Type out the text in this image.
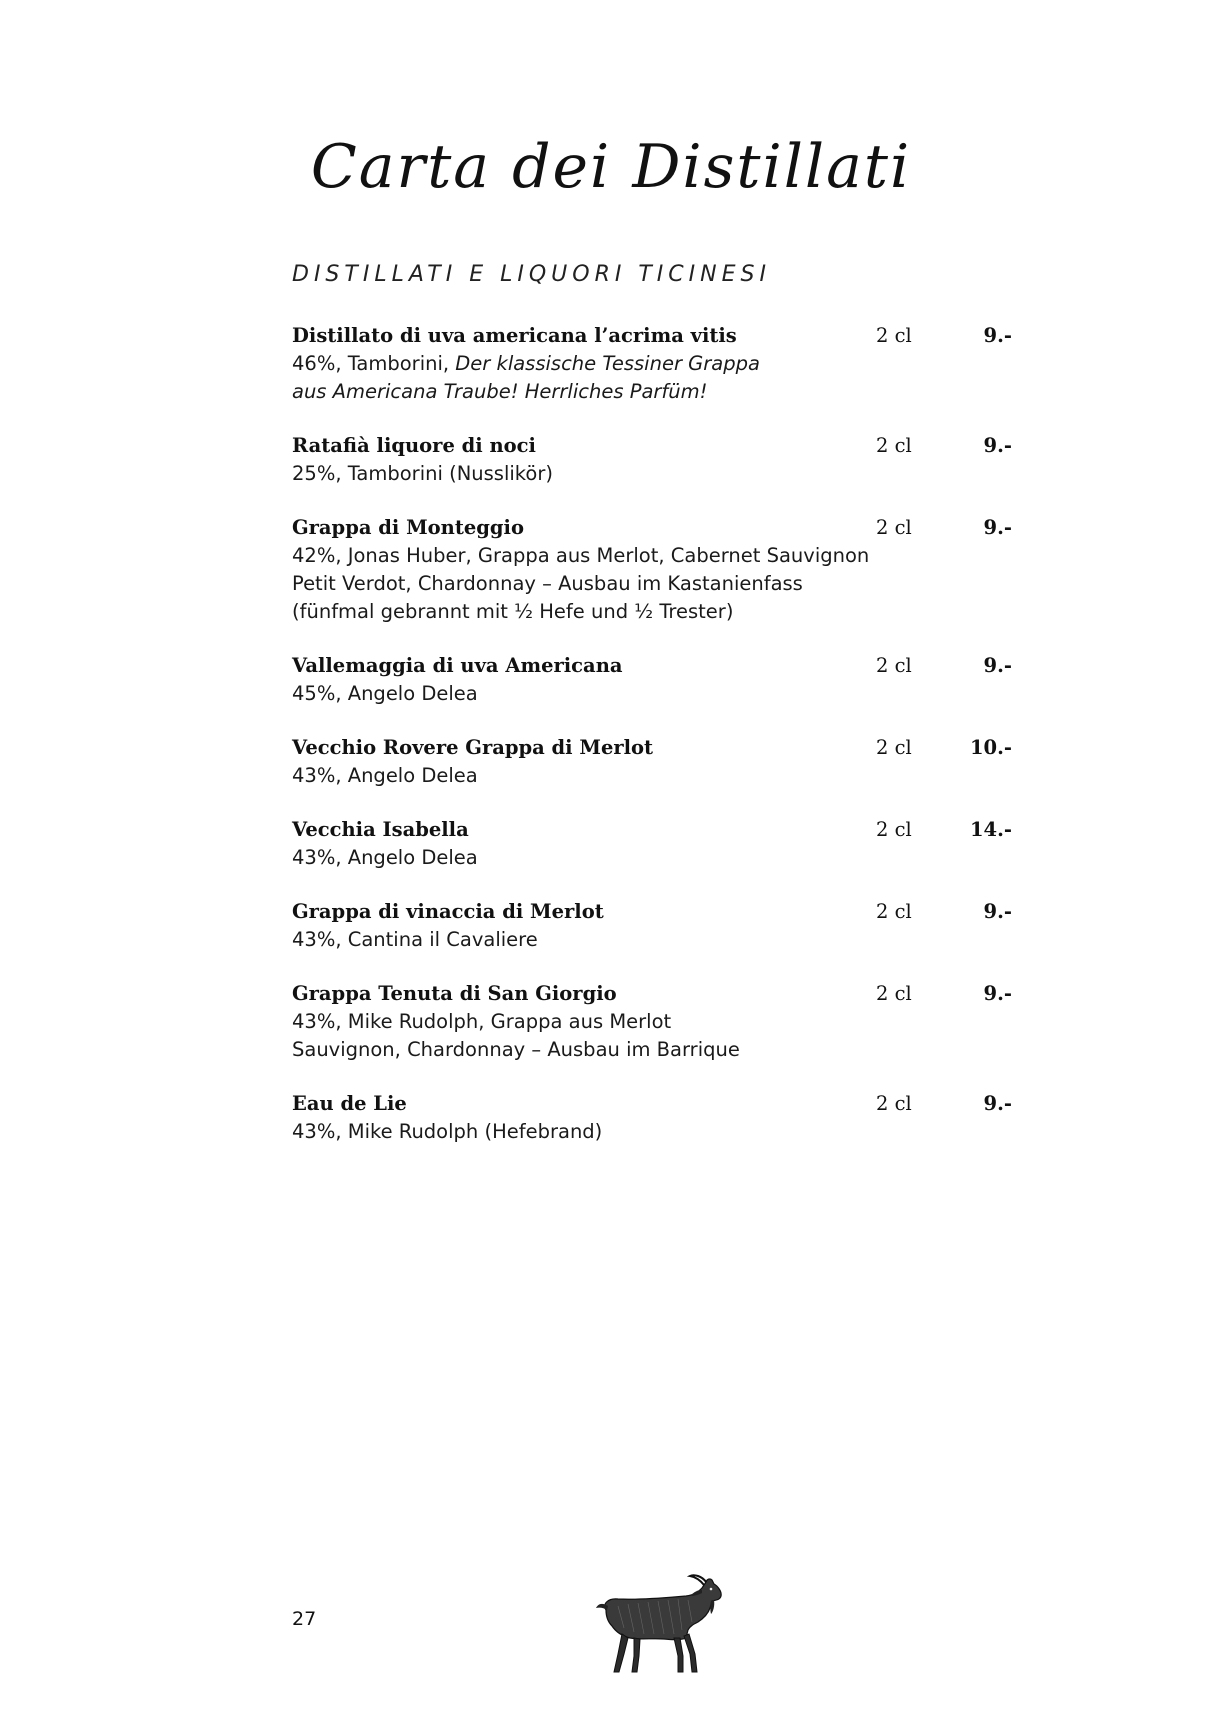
Carta dei Distillati
DISTILLATI E LIQUORI TICINESI
Distillato di uva americana l’acrima vitis	2 cl	9.-
46%, Tamborini, Der klassische Tessiner Grappa
aus Americana Traube! Herrliches Parfüm!
Ratafià liquore di noci	2 cl	9.-
25%, Tamborini (Nusslikör)
Grappa di Monteggio	2 cl	9.-
42%, Jonas Huber, Grappa aus Merlot, Cabernet Sauvignon
Petit Verdot, Chardonnay – Ausbau im Kastanienfass
(fünfmal gebrannt mit ½ Hefe und ½ Trester)
Vallemaggia di uva Americana	2 cl	9.-
45%, Angelo Delea
Vecchio Rovere Grappa di Merlot	2 cl	10.-
43%, Angelo Delea
Vecchia Isabella	2 cl	14.-
43%, Angelo Delea
Grappa di vinaccia di Merlot	2 cl	9.-
43%, Cantina il Cavaliere
Grappa Tenuta di San Giorgio	2 cl	9.-
43%, Mike Rudolph, Grappa aus Merlot
Sauvignon, Chardonnay – Ausbau im Barrique
Eau de Lie	2 cl	9.-
43%, Mike Rudolph (Hefebrand)
27
